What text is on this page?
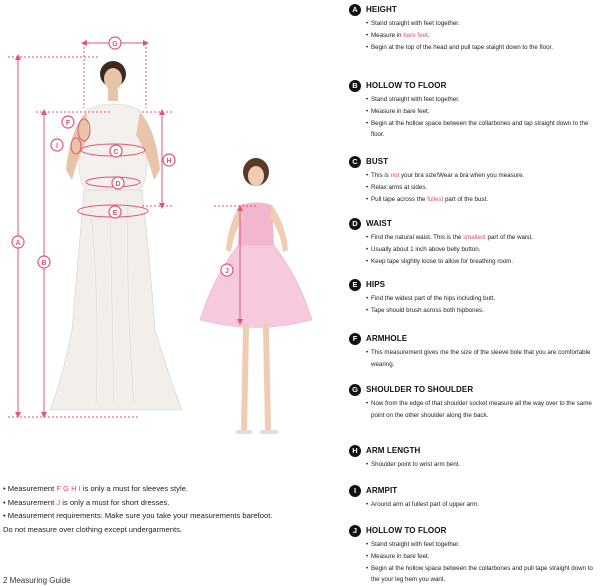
G
F
I
C
D
H
E
A
B
J
• Measurement F G H I is only a must for sleeves style.
• Measurement J is only a must for short dresses.
• Measurement requirements: Make sure you take your measurements barefoot.
Do not measure over clothing except undergarments.
2 Measuring Guide
A	HEIGHT
• Stand straight with feet together.
• Measure in bare feet.
• Begin at the top of the head and pull tape staight down to the floor.
B	HOLLOW TO FLOOR
• Stand straight with feet together.
• Measure in bare feet.
• Begin at the hollow space between the collarbones and tap straight down to the floor.
C	BUST
• This is not your bra size!Wear a bra when you measure.
• Relax arms at sides.
• Pull tape across the fullest part of the bust.
D	WAIST
• Find the natural waist. This is the smallest part of the waist.
• Usually about 1 inch above belly button.
• Keep tape slightly loose to allow for breathing room.
E	HIPS
• Find the widest part of the hips including butt.
• Tape should brush across both hipbones.
F	ARMHOLE
• This measurement gives me the size of the sleeve bole that you are comfortable wearing.
G	SHOULDER TO SHOULDER
• Now from the edge of that shoulder socket measure all the way over to the same point on the other shoulder along the back.
H	ARM LENGTH
• Shoulder point to wrist arm bent.
I	ARMPIT
• Around arm at fullest part of upper arm.
J	HOLLOW TO FLOOR
• Stand straight with feet together.
• Measure in bare feet.
• Begin at the hollow space between the collarbones and pull tape straight down to the your leg hem you want.
